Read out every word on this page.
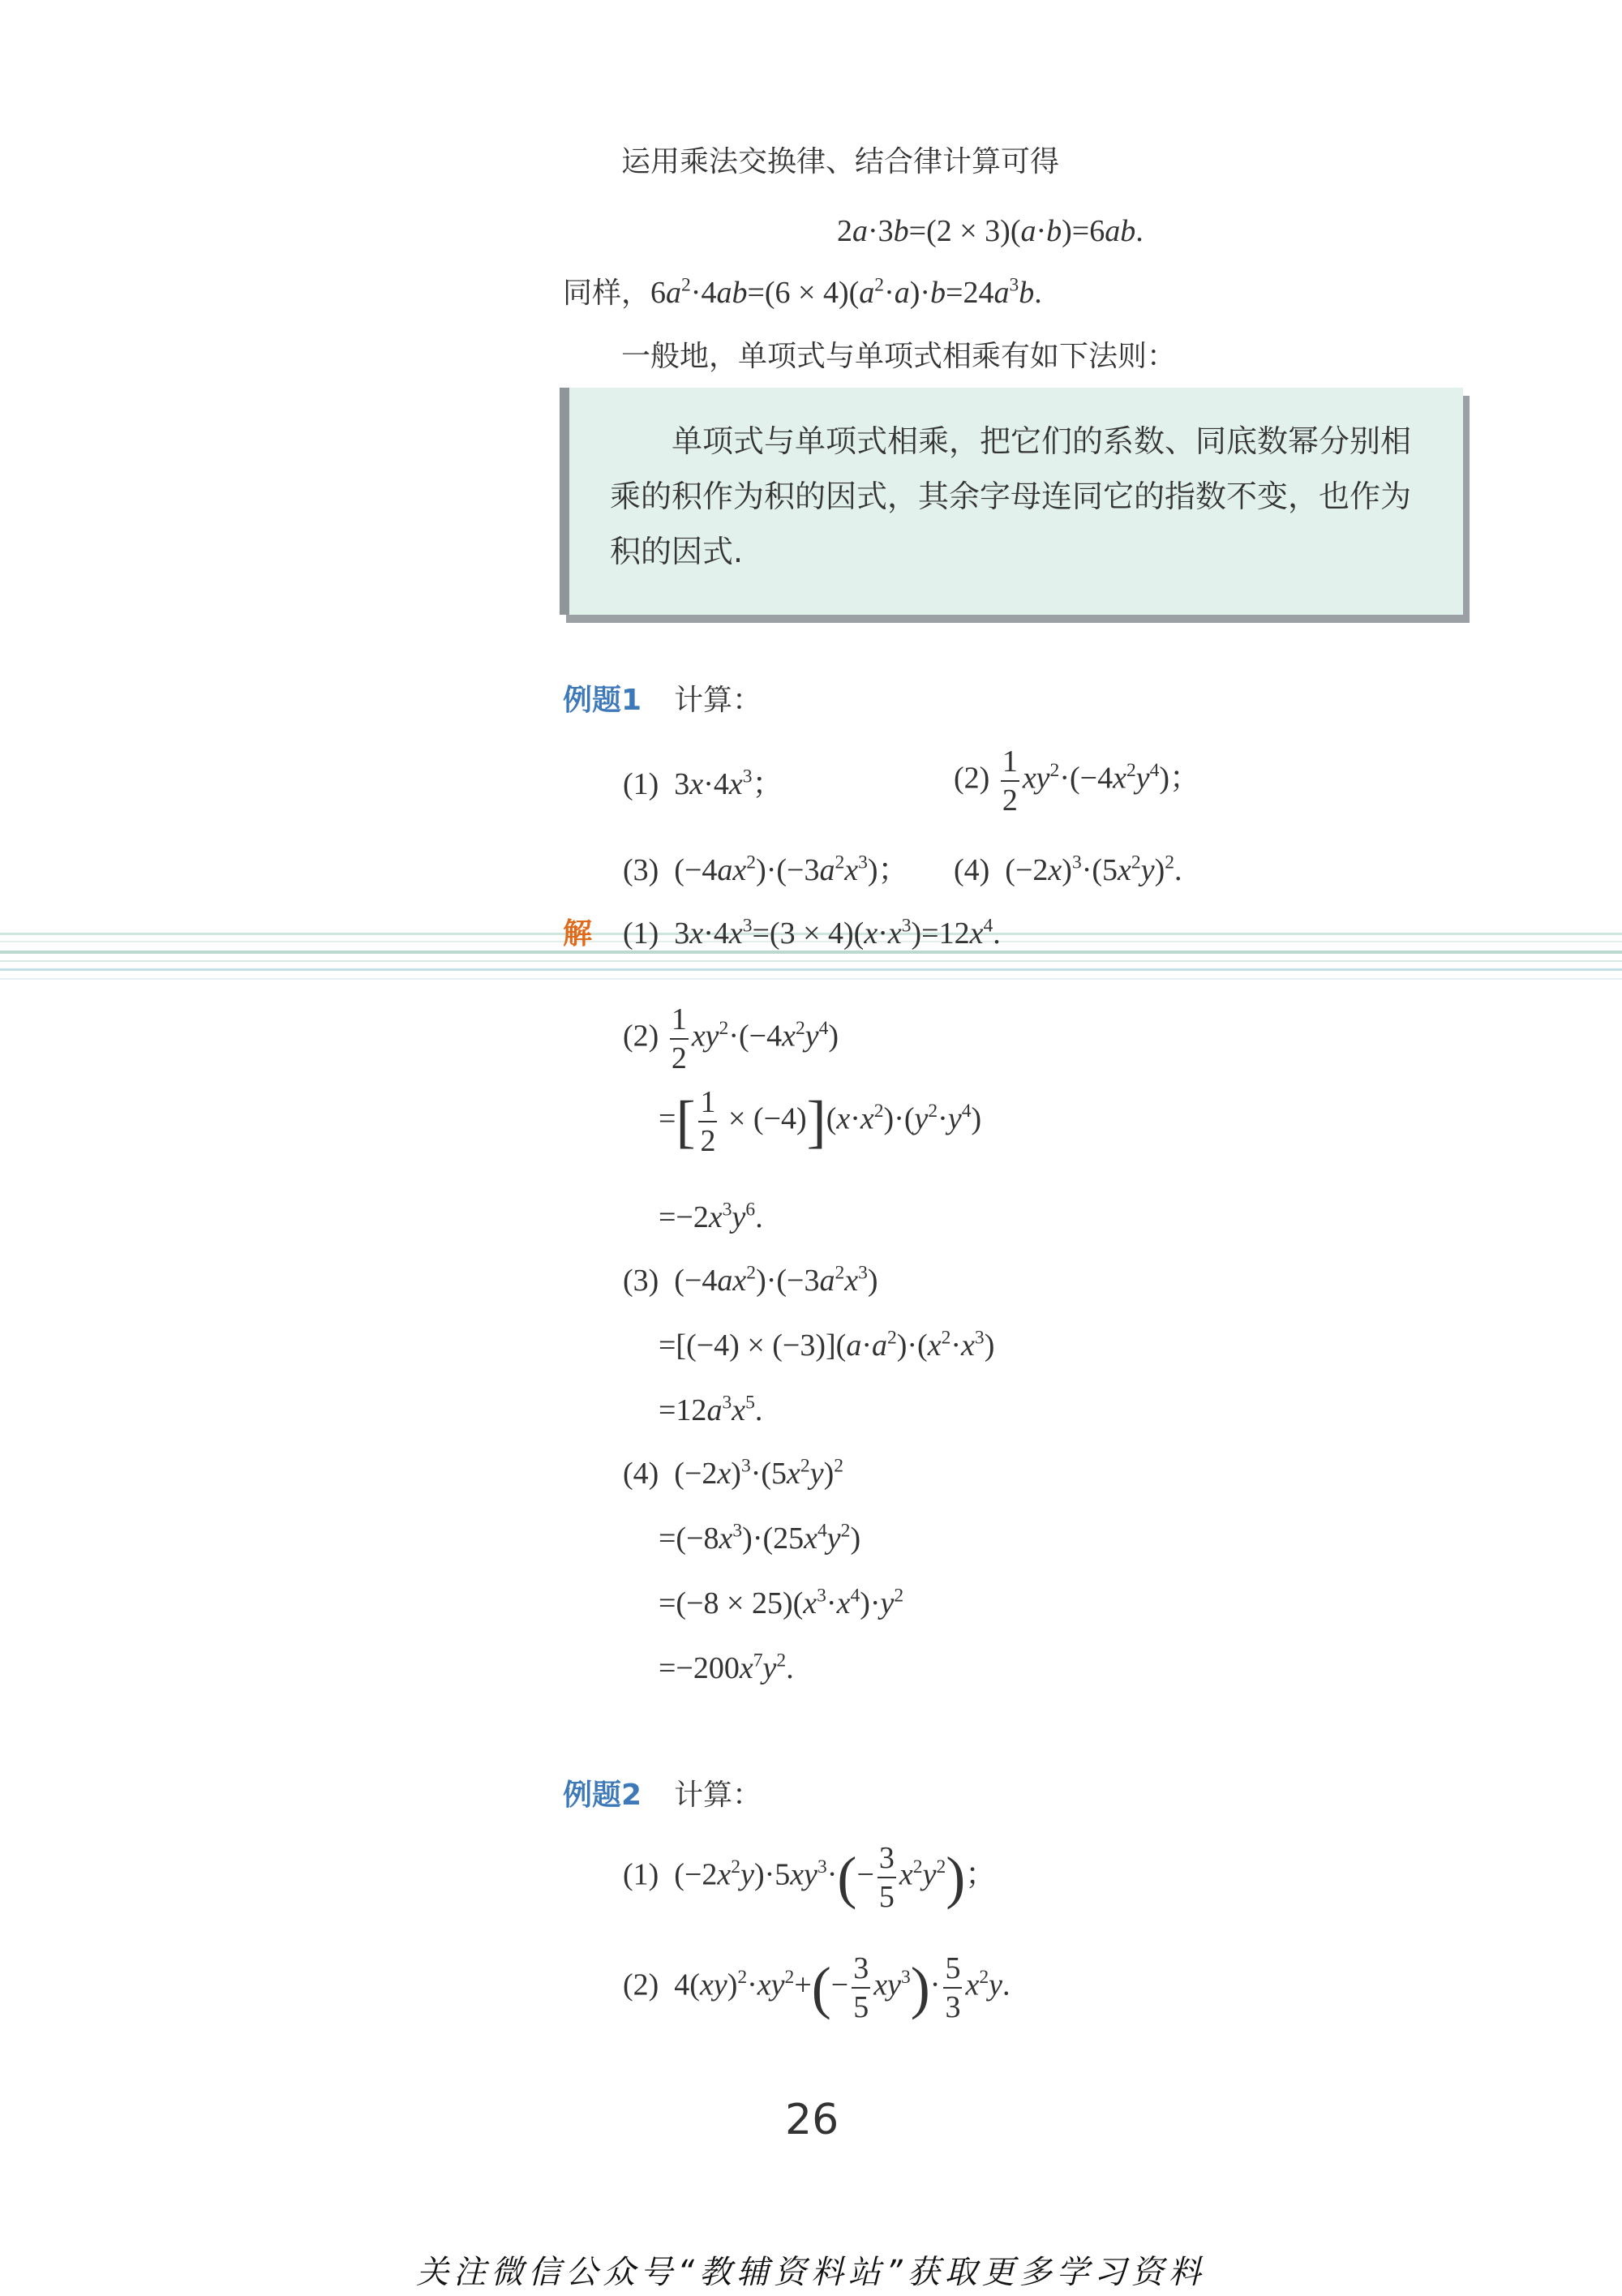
运用乘法交换律、结合律计算可得
2a·3b=(2 × 3)(a·b)=6ab.
同样，$6a^2\cdot 4ab=(6 \times 4)(a^2\cdot a)\cdot b=24a^3b$.
一般地，单项式与单项式相乘有如下法则：
单项式与单项式相乘，把它们的系数、同底数幂分别相乘的积作为积的因式，其余字母连同它的指数不变，也作为积的因式.
例题1 计算：
(1)  $3x\cdot 4x^3$；	$(2) \frac{1}{2} xy^2\cdot(-4x^2y^4)$；
(3)  $(-4ax^2)\cdot(-3a^2x^3)$； (4)  $(-2x)^3\cdot(5x^2y)^2$.
解 (1)  $3x\cdot 4x^3=(3 \times 4)(x\cdot x^3)=12x^4$.
$(2) \frac{1}{2} xy^2\cdot(-4x^2y^4)$
=[ $\frac{1}{2} \times (-4)](x\cdot x^2)\cdot(y^2\cdot y^4)$
$=-2x^3y^6$.
(3)  $(-4ax^2)\cdot(-3a^2x^3)$
$=[(-4) \times (-3)](a\cdot a^2)\cdot(x^2\cdot x^3)$
$=12a^3x^5$.
(4)  $(-2x)^3\cdot(5x^2y)^2$
$=(-8x^3)\cdot(25x^4y^2)$
$=(-8 \times 25)(x^3\cdot x^4)\cdot y^2$
$=-200x^7y^2$.
例题2 计算：
(1)  $(-2x^2y)\cdot 5xy^3\cdot(- \frac{3}{5} x^2y^2)$；
(2)  $4(xy)^2\cdot xy^2+(- \frac{3}{5} xy^3)\cdot \frac{5}{3} x^2y$.
26
关注微信公众号“教辅资料站”获取更多学习资料
